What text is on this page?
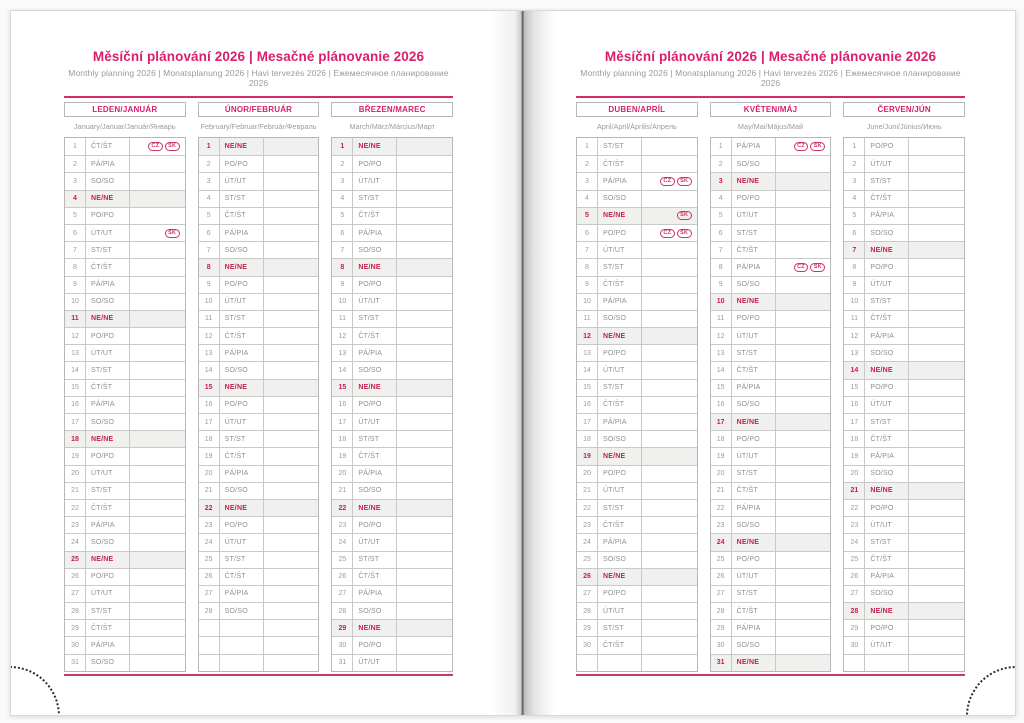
Měsíční plánování 2026 | Mesačné plánovanie 2026
Monthly planning 2026 | Monatsplanung 2026 | Havi tervezés 2026 | Ежемесячное планирование 2026
LEDEN/JANUÁR
January/Januar/Január/Январь
1	ČT/ŠT	CZ	SK
2	PÁ/PIA
3	SO/SO
4	NE/NE
5	PO/PO
6	ÚT/UT	SK
7	ST/ST
8	ČT/ŠT
9	PÁ/PIA
10	SO/SO
11	NE/NE
12	PO/PO
13	ÚT/UT
14	ST/ST
15	ČT/ŠT
16	PÁ/PIA
17	SO/SO
18	NE/NE
19	PO/PO
20	ÚT/UT
21	ST/ST
22	ČT/ŠT
23	PÁ/PIA
24	SO/SO
25	NE/NE
26	PO/PO
27	ÚT/UT
28	ST/ST
29	ČT/ŠT
30	PÁ/PIA
31	SO/SO
ÚNOR/FEBRUÁR
February/Februar/Február/Февраль
1	NE/NE
2	PO/PO
3	ÚT/UT
4	ST/ST
5	ČT/ŠT
6	PÁ/PIA
7	SO/SO
8	NE/NE
9	PO/PO
10	ÚT/UT
11	ST/ST
12	ČT/ŠT
13	PÁ/PIA
14	SO/SO
15	NE/NE
16	PO/PO
17	ÚT/UT
18	ST/ST
19	ČT/ŠT
20	PÁ/PIA
21	SO/SO
22	NE/NE
23	PO/PO
24	ÚT/UT
25	ST/ST
26	ČT/ŠT
27	PÁ/PIA
28	SO/SO
BŘEZEN/MAREC
March/März/Március/Март
1	NE/NE
2	PO/PO
3	ÚT/UT
4	ST/ST
5	ČT/ŠT
6	PÁ/PIA
7	SO/SO
8	NE/NE
9	PO/PO
10	ÚT/UT
11	ST/ST
12	ČT/ŠT
13	PÁ/PIA
14	SO/SO
15	NE/NE
16	PO/PO
17	ÚT/UT
18	ST/ST
19	ČT/ŠT
20	PÁ/PIA
21	SO/SO
22	NE/NE
23	PO/PO
24	ÚT/UT
25	ST/ST
26	ČT/ŠT
27	PÁ/PIA
28	SO/SO
29	NE/NE
30	PO/PO
31	ÚT/UT
Měsíční plánování 2026 | Mesačné plánovanie 2026
Monthly planning 2026 | Monatsplanung 2026 | Havi tervezés 2026 | Ежемесячное планирование 2026
DUBEN/APRÍL
April/April/Április/Апрель
1	ST/ST
2	ČT/ŠT
3	PÁ/PIA	CZ	SK
4	SO/SO
5	NE/NE	SK
6	PO/PO	CZ	SK
7	ÚT/UT
8	ST/ST
9	ČT/ŠT
10	PÁ/PIA
11	SO/SO
12	NE/NE
13	PO/PO
14	ÚT/UT
15	ST/ST
16	ČT/ŠT
17	PÁ/PIA
18	SO/SO
19	NE/NE
20	PO/PO
21	ÚT/UT
22	ST/ST
23	ČT/ŠT
24	PÁ/PIA
25	SO/SO
26	NE/NE
27	PO/PO
28	ÚT/UT
29	ST/ST
30	ČT/ŠT
KVĚTEN/MÁJ
May/Mai/Május/Май
1	PÁ/PIA	CZ	SK
2	SO/SO
3	NE/NE
4	PO/PO
5	ÚT/UT
6	ST/ST
7	ČT/ŠT
8	PÁ/PIA	CZ	SK
9	SO/SO
10	NE/NE
11	PO/PO
12	ÚT/UT
13	ST/ST
14	ČT/ŠT
15	PÁ/PIA
16	SO/SO
17	NE/NE
18	PO/PO
19	ÚT/UT
20	ST/ST
21	ČT/ŠT
22	PÁ/PIA
23	SO/SO
24	NE/NE
25	PO/PO
26	ÚT/UT
27	ST/ST
28	ČT/ŠT
29	PÁ/PIA
30	SO/SO
31	NE/NE
ČERVEN/JÚN
June/Juni/Június/Июнь
1	PO/PO
2	ÚT/UT
3	ST/ST
4	ČT/ŠT
5	PÁ/PIA
6	SO/SO
7	NE/NE
8	PO/PO
9	ÚT/UT
10	ST/ST
11	ČT/ŠT
12	PÁ/PIA
13	SO/SO
14	NE/NE
15	PO/PO
16	ÚT/UT
17	ST/ST
18	ČT/ŠT
19	PÁ/PIA
20	SO/SO
21	NE/NE
22	PO/PO
23	ÚT/UT
24	ST/ST
25	ČT/ŠT
26	PÁ/PIA
27	SO/SO
28	NE/NE
29	PO/PO
30	ÚT/UT
